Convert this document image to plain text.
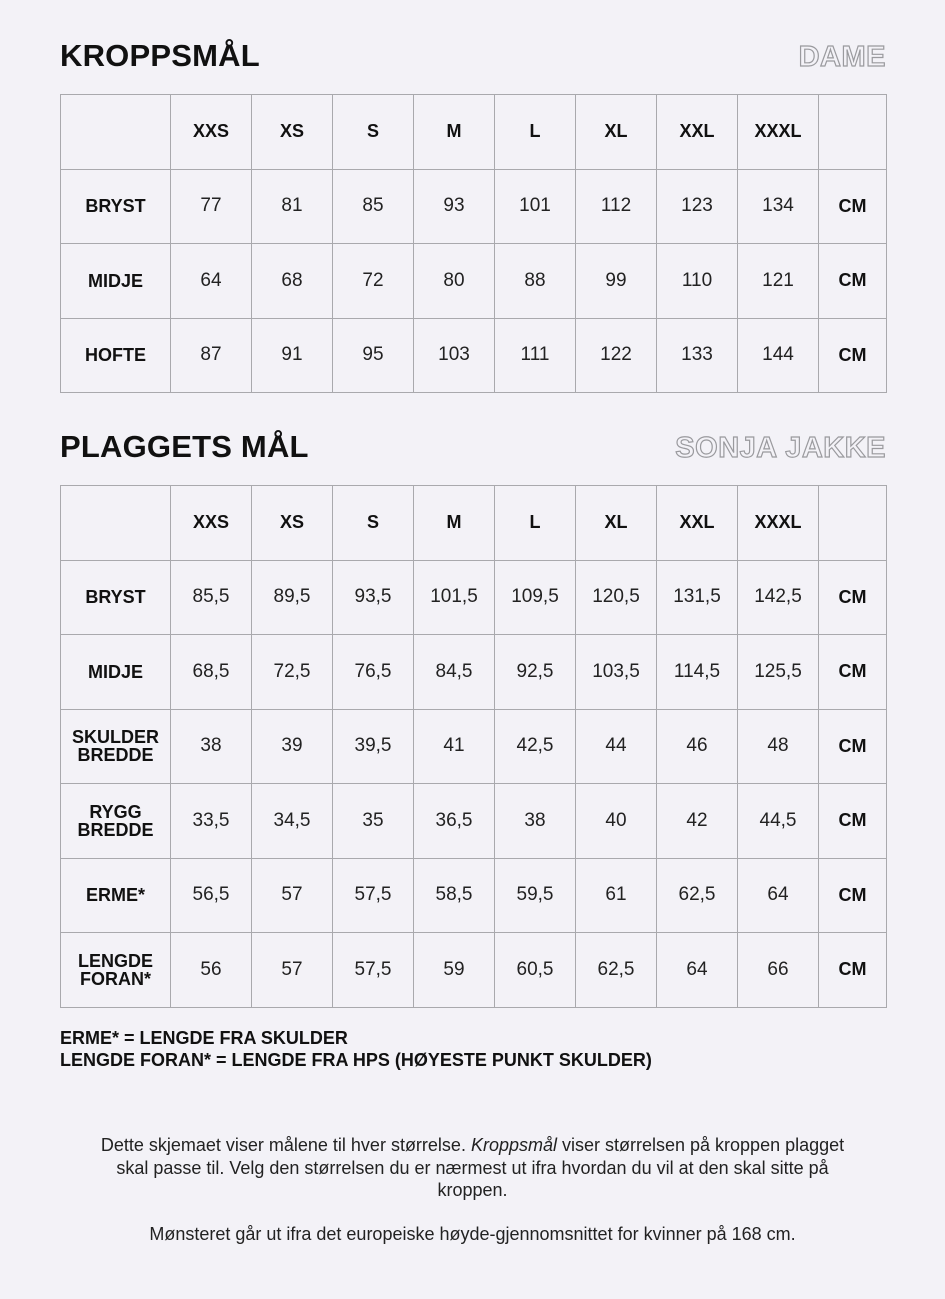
KROPPSMÅL	DAME
	XXS	XS	S	M	L	XL	XXL	XXXL	
BRYST	77	81	85	93	101	112	123	134	CM
MIDJE	64	68	72	80	88	99	110	121	CM
HOFTE	87	91	95	103	111	122	133	144	CM
PLAGGETS MÅL	SONJA JAKKE
	XXS	XS	S	M	L	XL	XXL	XXXL	
BRYST	85,5	89,5	93,5	101,5	109,5	120,5	131,5	142,5	CM
MIDJE	68,5	72,5	76,5	84,5	92,5	103,5	114,5	125,5	CM
SKULDER
BREDDE	38	39	39,5	41	42,5	44	46	48	CM
RYGG
BREDDE	33,5	34,5	35	36,5	38	40	42	44,5	CM
ERME*	56,5	57	57,5	58,5	59,5	61	62,5	64	CM
LENGDE
FORAN*	56	57	57,5	59	60,5	62,5	64	66	CM
ERME* = LENGDE FRA SKULDER
LENGDE FORAN* = LENGDE FRA HPS (HØYESTE PUNKT SKULDER)

Dette skjemaet viser målene til hver størrelse. Kroppsmål viser størrelsen på kroppen plagget skal passe til. Velg den størrelsen du er nærmest ut ifra hvordan du vil at den skal sitte på kroppen.

Mønsteret går ut ifra det europeiske høyde-gjennomsnittet for kvinner på 168 cm.
